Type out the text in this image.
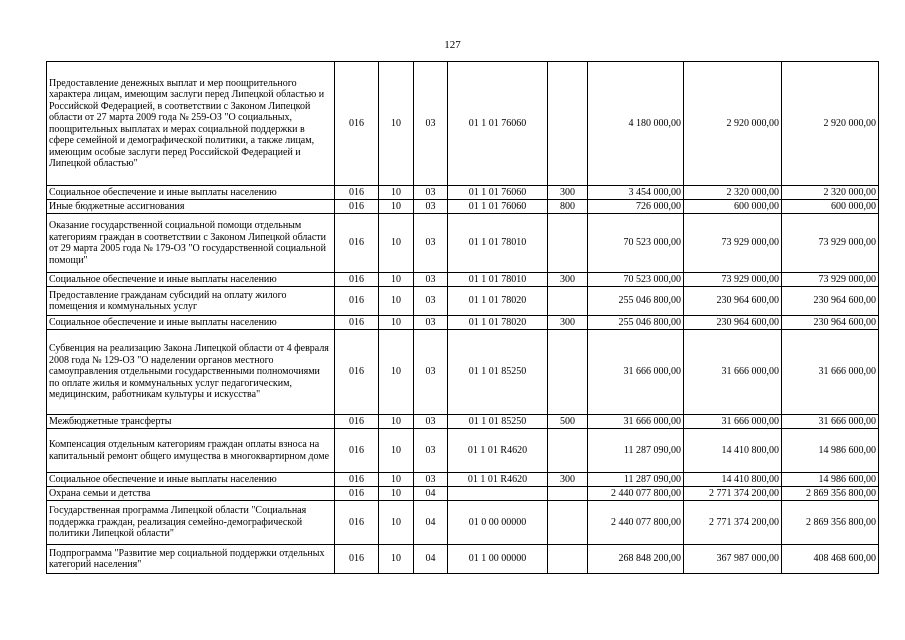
127
Предоставление денежных выплат и мер поощрительного характера лицам, имеющим заслуги перед Липецкой областью и Российской Федерацией, в соответствии с Законом Липецкой области от 27 марта 2009 года № 259-ОЗ "О социальных, поощрительных выплатах и мерах социальной поддержки в сфере семейной и демографической политики, а также лицам, имеющим особые заслуги перед Российской Федерацией и Липецкой областью"	016	10	03	01 1 01 76060		4 180 000,00	2 920 000,00	2 920 000,00
Социальное обеспечение и иные выплаты населению	016	10	03	01 1 01 76060	300	3 454 000,00	2 320 000,00	2 320 000,00
Иные бюджетные ассигнования	016	10	03	01 1 01 76060	800	726 000,00	600 000,00	600 000,00
Оказание государственной социальной помощи отдельным категориям граждан в соответствии с Законом Липецкой области от 29 марта 2005 года № 179-ОЗ "О государственной социальной помощи"	016	10	03	01 1 01 78010		70 523 000,00	73 929 000,00	73 929 000,00
Социальное обеспечение и иные выплаты населению	016	10	03	01 1 01 78010	300	70 523 000,00	73 929 000,00	73 929 000,00
Предоставление гражданам субсидий на оплату жилого помещения и коммунальных услуг	016	10	03	01 1 01 78020		255 046 800,00	230 964 600,00	230 964 600,00
Социальное обеспечение и иные выплаты населению	016	10	03	01 1 01 78020	300	255 046 800,00	230 964 600,00	230 964 600,00
Субвенция на реализацию Закона Липецкой области от 4 февраля 2008 года № 129-ОЗ "О наделении органов местного самоуправления отдельными государственными полномочиями по оплате жилья и коммунальных услуг педагогическим, медицинским, работникам культуры и искусства"	016	10	03	01 1 01 85250		31 666 000,00	31 666 000,00	31 666 000,00
Межбюджетные трансферты	016	10	03	01 1 01 85250	500	31 666 000,00	31 666 000,00	31 666 000,00
Компенсация отдельным категориям граждан оплаты взноса на капитальный ремонт общего имущества в многоквартирном доме	016	10	03	01 1 01 R4620		11 287 090,00	14 410 800,00	14 986 600,00
Социальное обеспечение и иные выплаты населению	016	10	03	01 1 01 R4620	300	11 287 090,00	14 410 800,00	14 986 600,00
Охрана семьи и детства	016	10	04			2 440 077 800,00	2 771 374 200,00	2 869 356 800,00
Государственная программа Липецкой области "Социальная поддержка граждан, реализация семейно-демографической политики Липецкой области"	016	10	04	01 0 00 00000		2 440 077 800,00	2 771 374 200,00	2 869 356 800,00
Подпрограмма "Развитие мер социальной поддержки отдельных категорий населения"	016	10	04	01 1 00 00000		268 848 200,00	367 987 000,00	408 468 600,00
